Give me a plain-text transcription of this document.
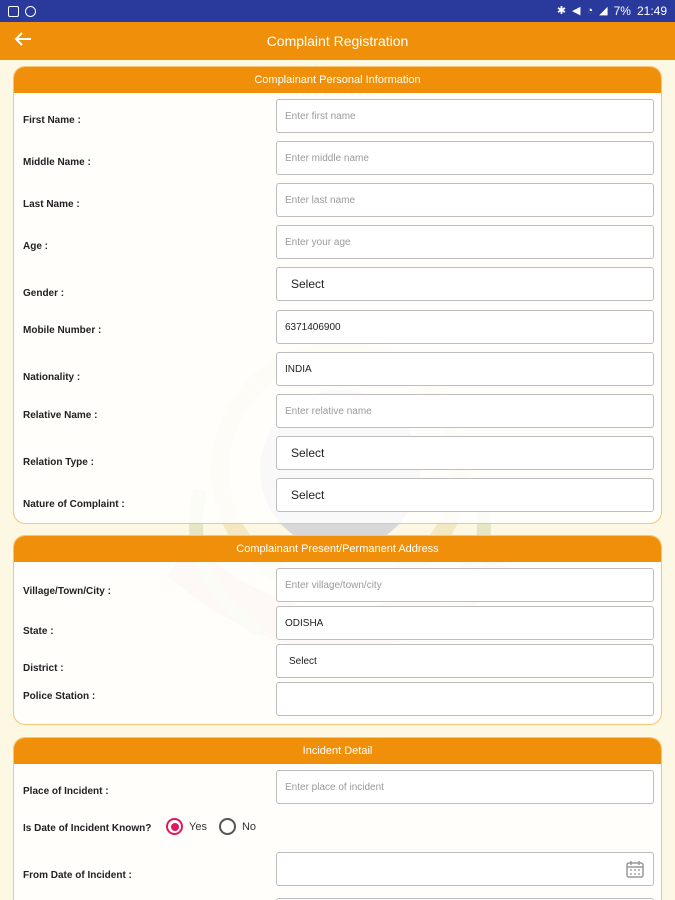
✱ ◀ ◔ ◢ 7% 21:49
Complaint Registration
Complainant Personal Information
First Name :
Enter first name
Middle Name :
Enter middle name
Last Name :
Enter last name
Age :
Enter your age
Gender :
Select
Mobile Number :
6371406900
Nationality :
INDIA
Relative Name :
Enter relative name
Relation Type :
Select
Nature of Complaint :
Select
Complainant Present/Permanent Address
Village/Town/City :
Enter village/town/city
State :
ODISHA
District :
Select
Police Station :
Incident Detail
Place of Incident :
Enter place of incident
Is Date of Incident Known?	Yes	No
From Date of Incident :
